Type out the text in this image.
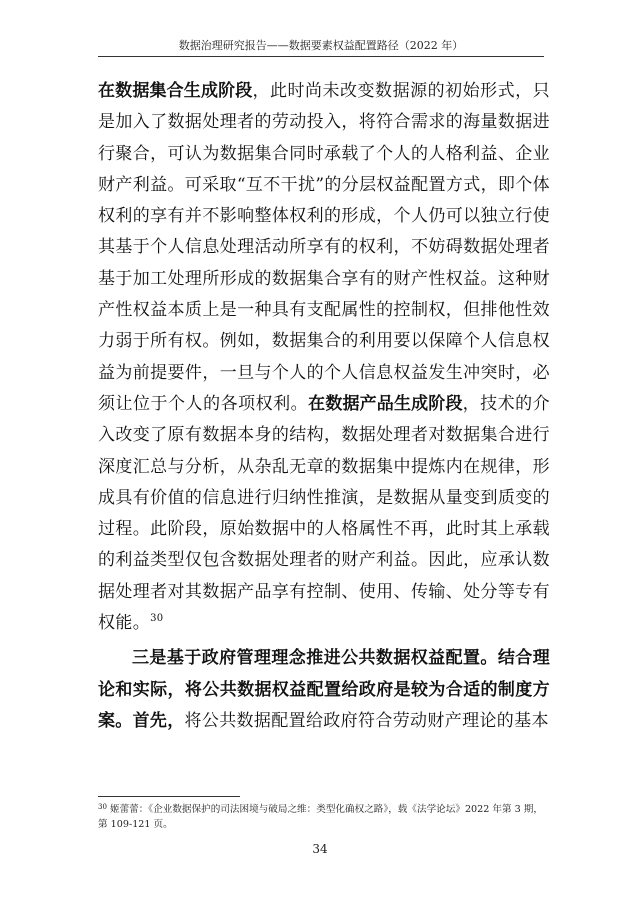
数据治理研究报告——数据要素权益配置路径（2022 年）

在数据集合生成阶段，此时尚未改变数据源的初始形式，只是加入了数据处理者的劳动投入，将符合需求的海量数据进行聚合，可认为数据集合同时承载了个人的人格利益、企业财产利益。可采取“互不干扰”的分层权益配置方式，即个体权利的享有并不影响整体权利的形成，个人仍可以独立行使其基于个人信息处理活动所享有的权利，不妨碍数据处理者基于加工处理所形成的数据集合享有的财产性权益。这种财产性权益本质上是一种具有支配属性的控制权，但排他性效力弱于所有权。例如，数据集合的利用要以保障个人信息权益为前提要件，一旦与个人的个人信息权益发生冲突时，必须让位于个人的各项权利。在数据产品生成阶段，技术的介入改变了原有数据本身的结构，数据处理者对数据集合进行深度汇总与分析，从杂乱无章的数据集中提炼内在规律，形成具有价值的信息进行归纳性推演，是数据从量变到质变的过程。此阶段，原始数据中的人格属性不再，此时其上承载的利益类型仅包含数据处理者的财产利益。因此，应承认数据处理者对其数据产品享有控制、使用、传输、处分等专有权能。$^{30}$

三是基于政府管理理念推进公共数据权益配置。结合理论和实际，将公共数据权益配置给政府是较为合适的制度方案。首先，将公共数据配置给政府符合劳动财产理论的基本

$^{30}$ 姬蕾蕾：《企业数据保护的司法困境与破局之维：类型化确权之路》，载《法学论坛》2022 年第 3 期，第 109-121 页。
34
